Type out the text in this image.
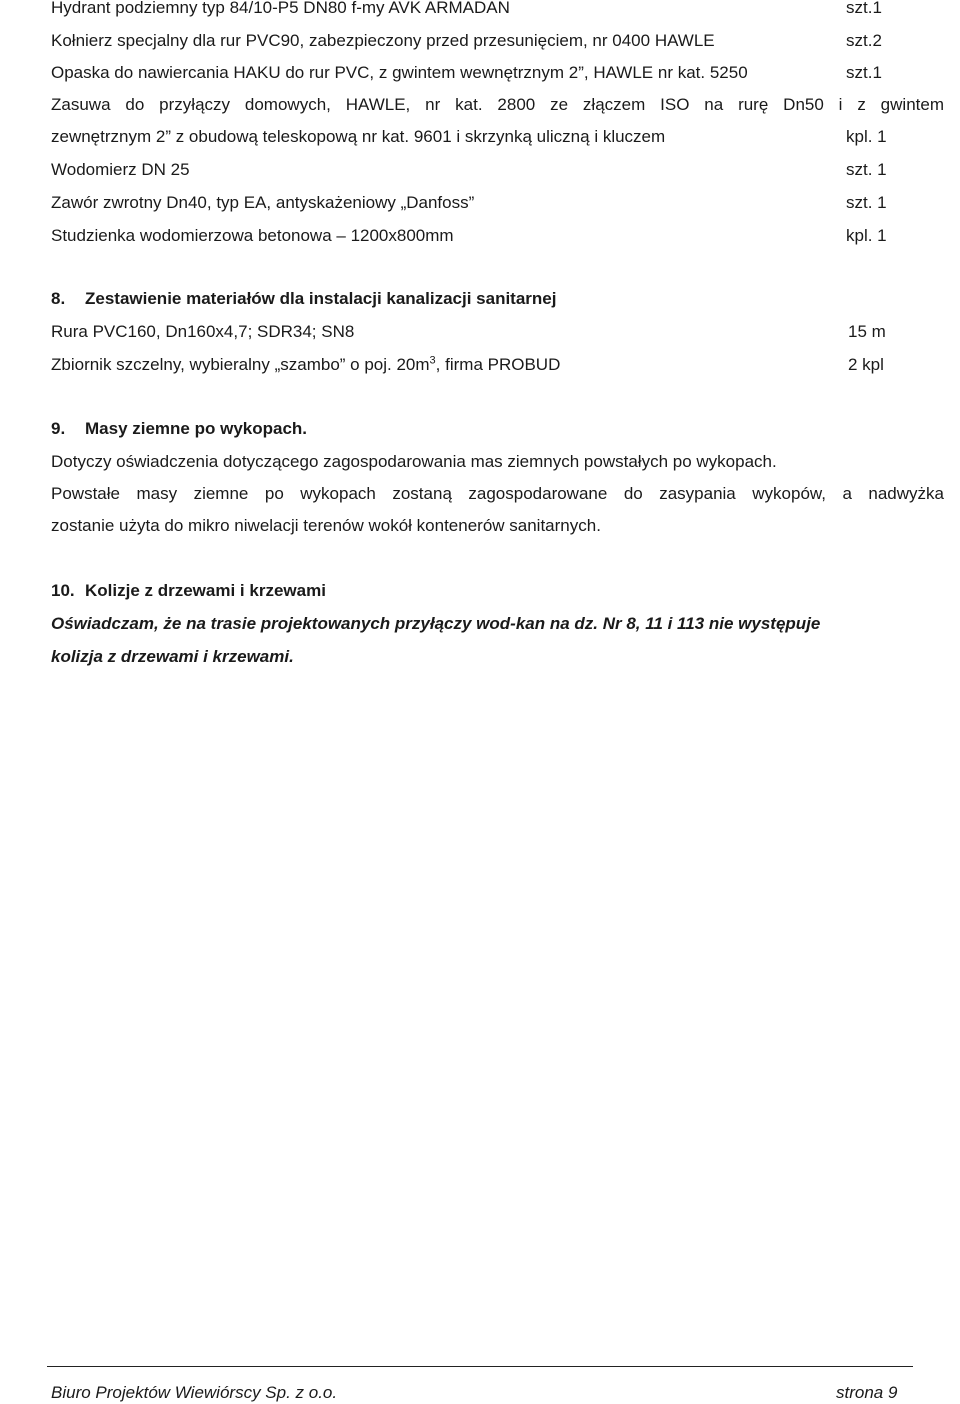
Hydrant podziemny typ 84/10-P5 DN80 f-my AVK ARMADAN	szt.1
Kołnierz specjalny dla rur PVC90, zabezpieczony przed przesunięciem, nr 0400 HAWLE	szt.2
Opaska do nawiercania HAKU do rur PVC, z gwintem wewnętrznym 2”, HAWLE nr kat. 5250	szt.1
Zasuwa do przyłączy domowych, HAWLE, nr kat. 2800 ze złączem ISO na rurę Dn50 i z gwintem
zewnętrznym 2” z obudową teleskopową nr kat. 9601 i skrzynką uliczną i kluczem	kpl. 1
Wodomierz DN 25	szt. 1
Zawór zwrotny Dn40, typ EA, antyskażeniowy „Danfoss”	szt. 1
Studzienka wodomierzowa betonowa – 1200x800mm	kpl. 1
8. Zestawienie materiałów dla instalacji kanalizacji sanitarnej
Rura PVC160, Dn160x4,7; SDR34; SN8	15 m
Zbiornik szczelny, wybieralny „szambo” o poj. $20m^3$, firma PROBUD	2 kpl
9. Masy ziemne po wykopach.
Dotyczy oświadczenia dotyczącego zagospodarowania mas ziemnych powstałych po wykopach.
Powstałe masy ziemne po wykopach zostaną zagospodarowane do zasypania wykopów, a nadwyżka
zostanie użyta do mikro niwelacji terenów wokół kontenerów sanitarnych.
10. Kolizje z drzewami i krzewami
Oświadczam, że na trasie projektowanych przyłączy wod-kan na dz. Nr 8, 11 i 113 nie występuje
kolizja z drzewami i krzewami.
Biuro Projektów Wiewiórscy Sp. z o.o.	strona 9
